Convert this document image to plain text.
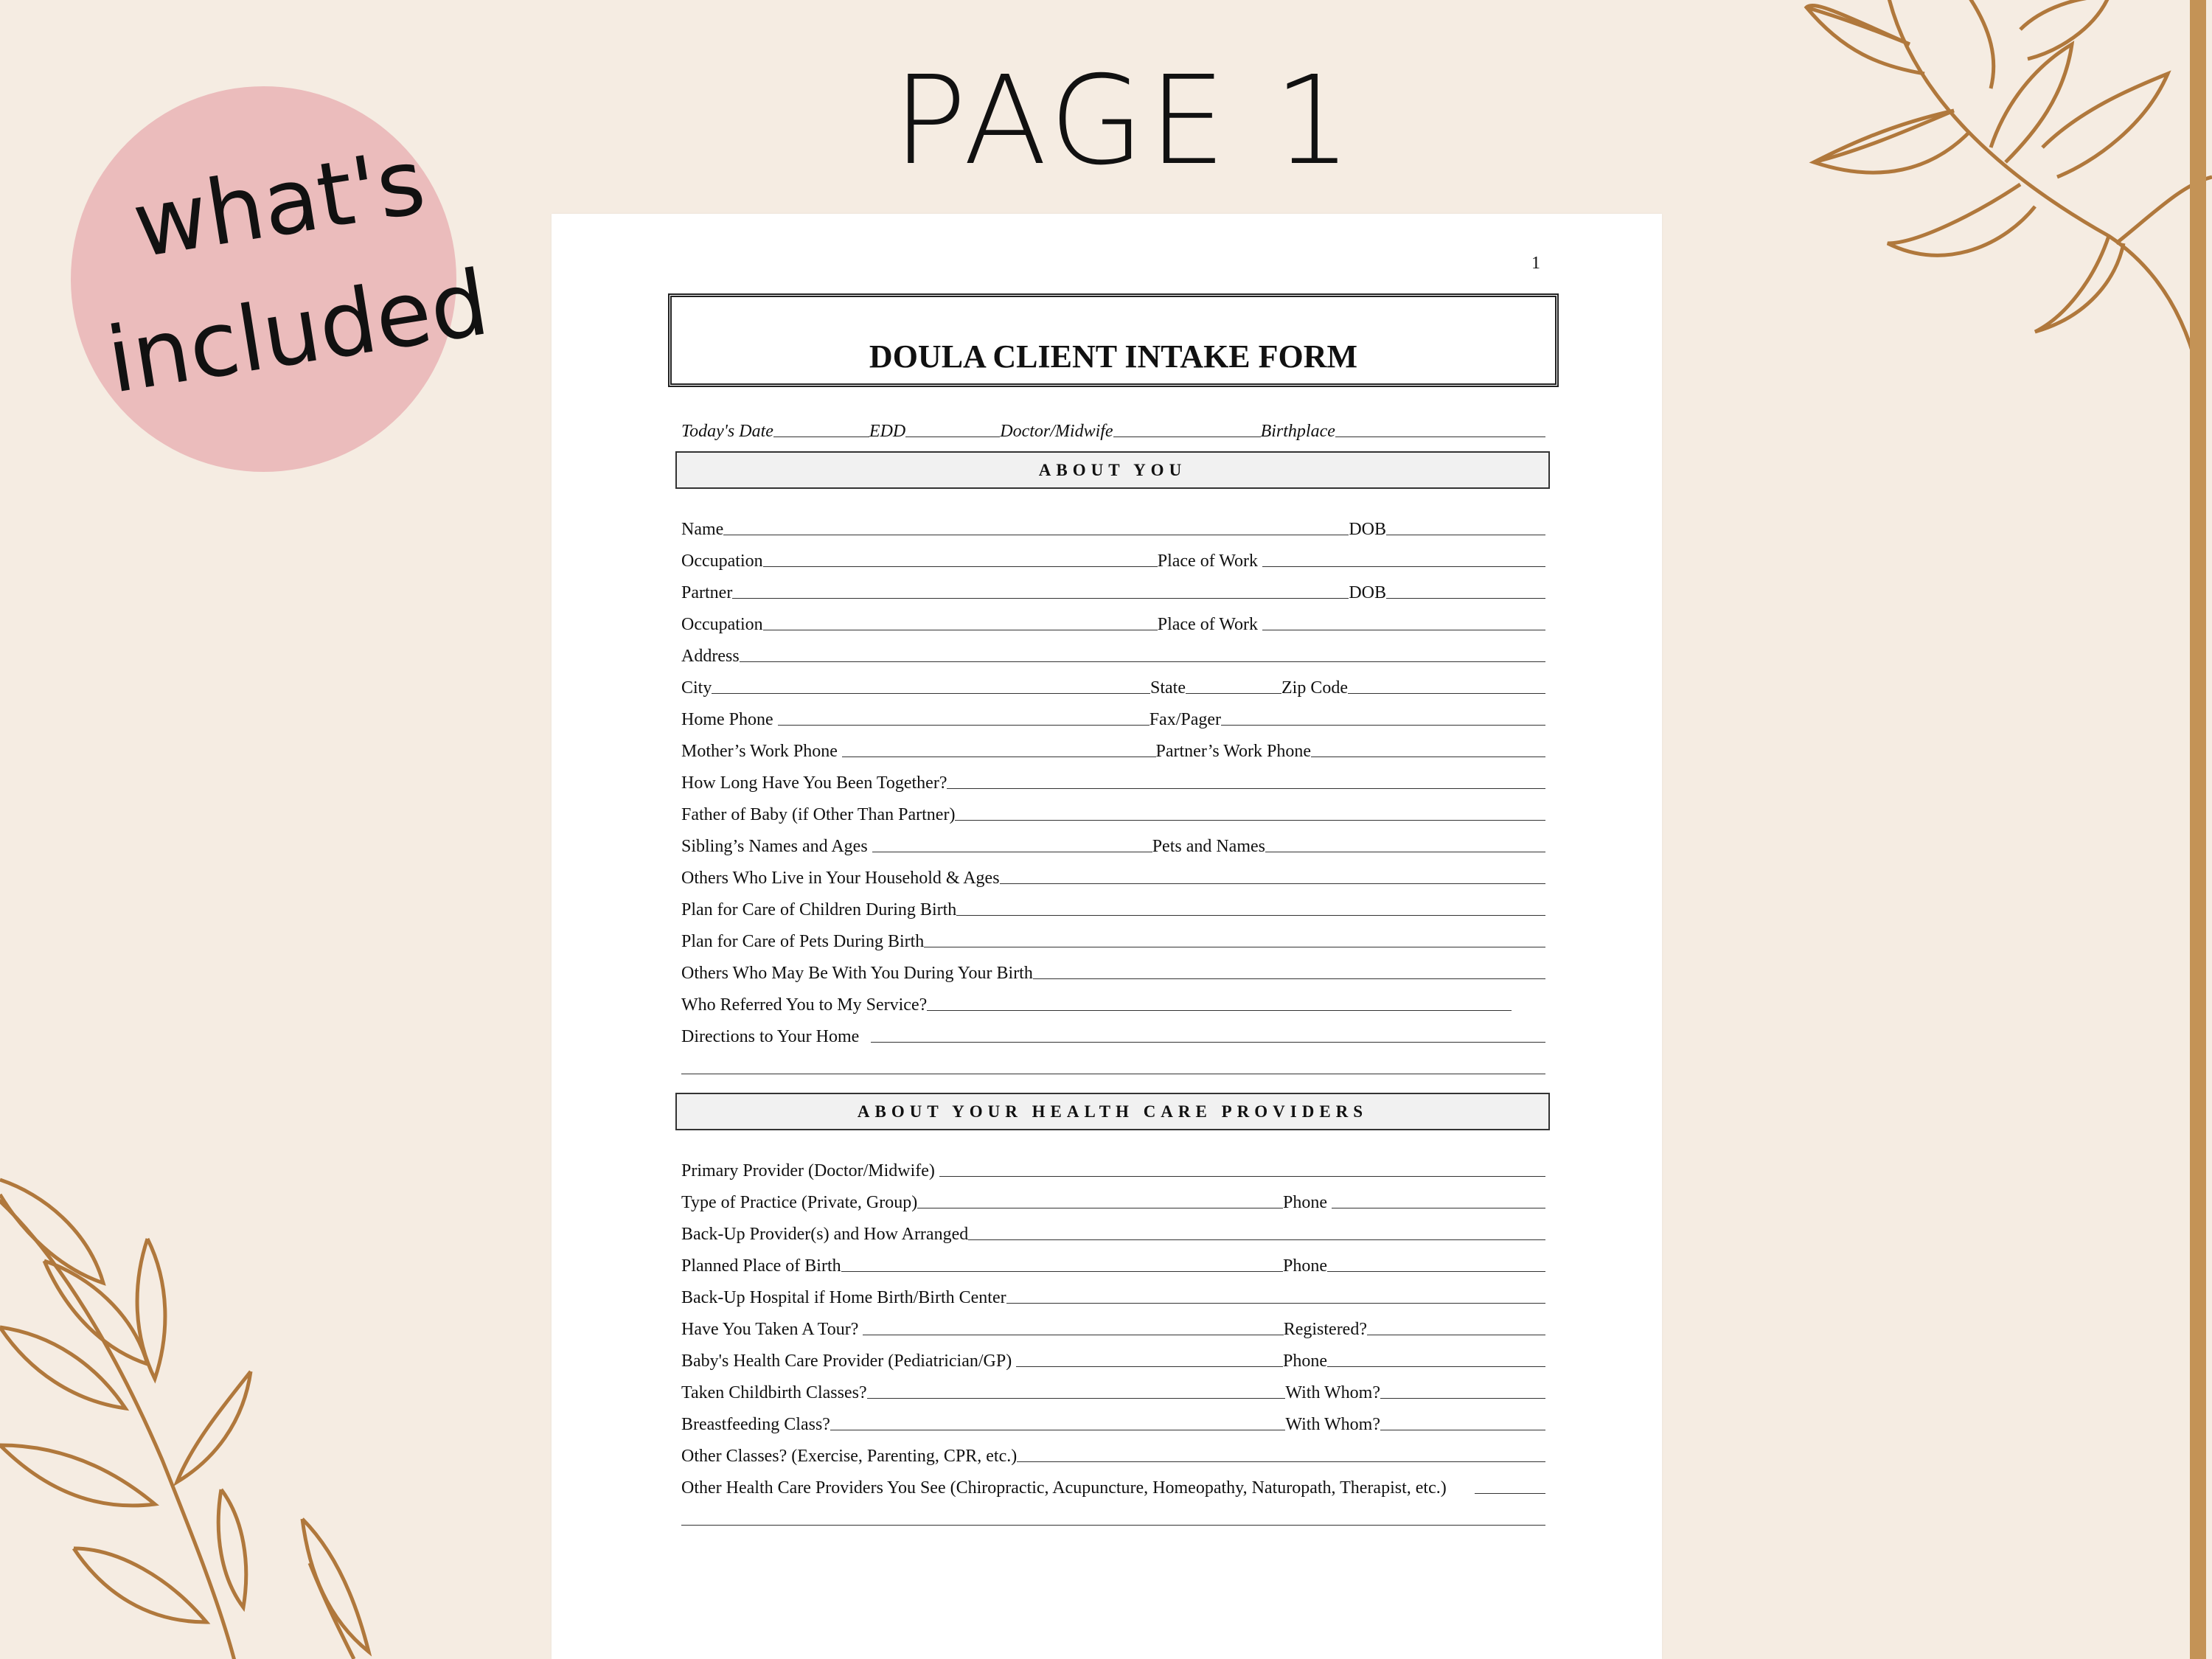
what's
included
PAGE 1
1
DOULA CLIENT INTAKE FORM
Today's Date	EDD	Doctor/Midwife	Birthplace
ABOUT YOU
Name	DOB
Occupation	Place of Work
Partner	DOB
Occupation	Place of Work
Address
City	State	Zip Code
Home Phone	Fax/Pager
Mother’s Work Phone	Partner’s Work Phone
How Long Have You Been Together?
Father of Baby (if Other Than Partner)
Sibling’s Names and Ages	Pets and Names
Others Who Live in Your Household & Ages
Plan for Care of Children During Birth
Plan for Care of Pets During Birth
Others Who May Be With You During Your Birth
Who Referred You to My Service?
Directions to Your Home
ABOUT YOUR HEALTH CARE PROVIDERS
Primary Provider (Doctor/Midwife)
Type of Practice (Private, Group)	Phone
Back-Up Provider(s) and How Arranged
Planned Place of Birth	Phone
Back-Up Hospital if Home Birth/Birth Center
Have You Taken A Tour?	Registered?
Baby's Health Care Provider (Pediatrician/GP)	Phone
Taken Childbirth Classes?	With Whom?
Breastfeeding Class?	With Whom?
Other Classes? (Exercise, Parenting, CPR, etc.)
Other Health Care Providers You See (Chiropractic, Acupuncture, Homeopathy, Naturopath, Therapist, etc.)
